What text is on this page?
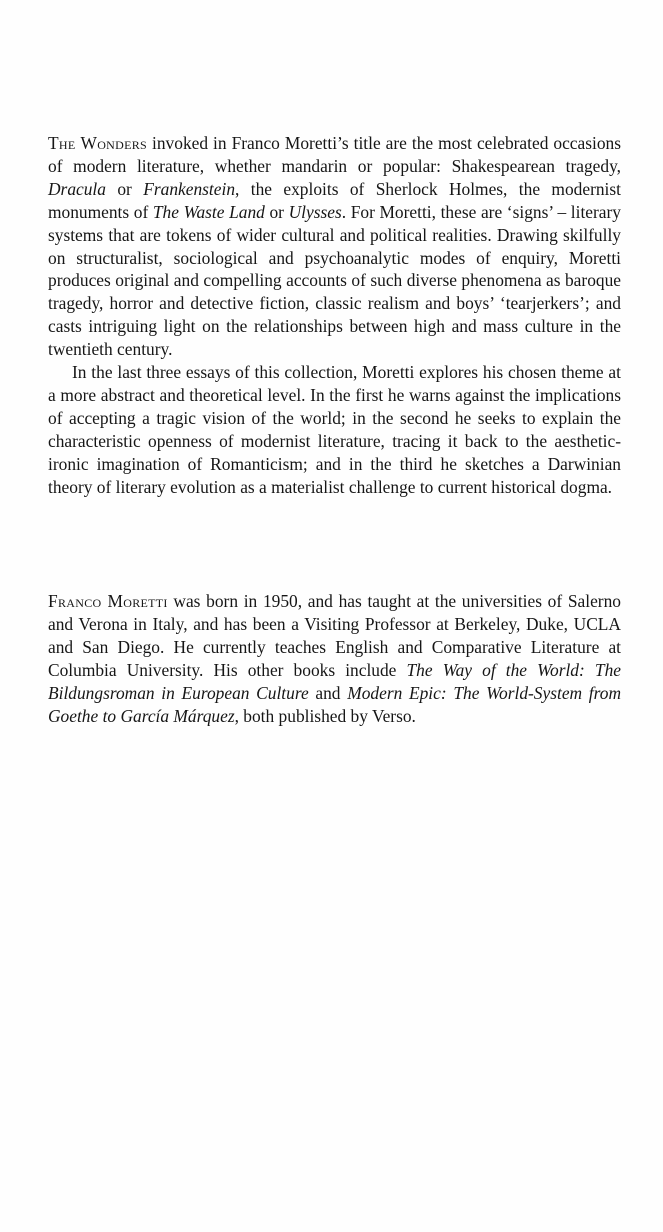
The Wonders invoked in Franco Moretti’s title are the most celebrated occasions of modern literature, whether mandarin or popular: Shakespearean tragedy, Dracula or Frankenstein, the exploits of Sherlock Holmes, the modernist monuments of The Waste Land or Ulysses. For Moretti, these are ‘signs’ – literary systems that are tokens of wider cultural and political realities. Drawing skilfully on structuralist, sociological and psychoanalytic modes of enquiry, Moretti produces original and compelling accounts of such diverse phenomena as baroque tragedy, horror and detective fiction, classic realism and boys’ ‘tearjerkers’; and casts intriguing light on the relationships between high and mass culture in the twentieth century.

In the last three essays of this collection, Moretti explores his chosen theme at a more abstract and theoretical level. In the first he warns against the implications of accepting a tragic vision of the world; in the second he seeks to explain the characteristic openness of modernist literature, tracing it back to the aesthetic-ironic imagination of Romanticism; and in the third he sketches a Darwinian theory of literary evolution as a materialist challenge to current historical dogma.

Franco Moretti was born in 1950, and has taught at the universities of Salerno and Verona in Italy, and has been a Visiting Professor at Berkeley, Duke, UCLA and San Diego. He currently teaches English and Comparative Literature at Columbia University. His other books include The Way of the World: The Bildungsroman in European Culture and Modern Epic: The World-System from Goethe to García Márquez, both published by Verso.
